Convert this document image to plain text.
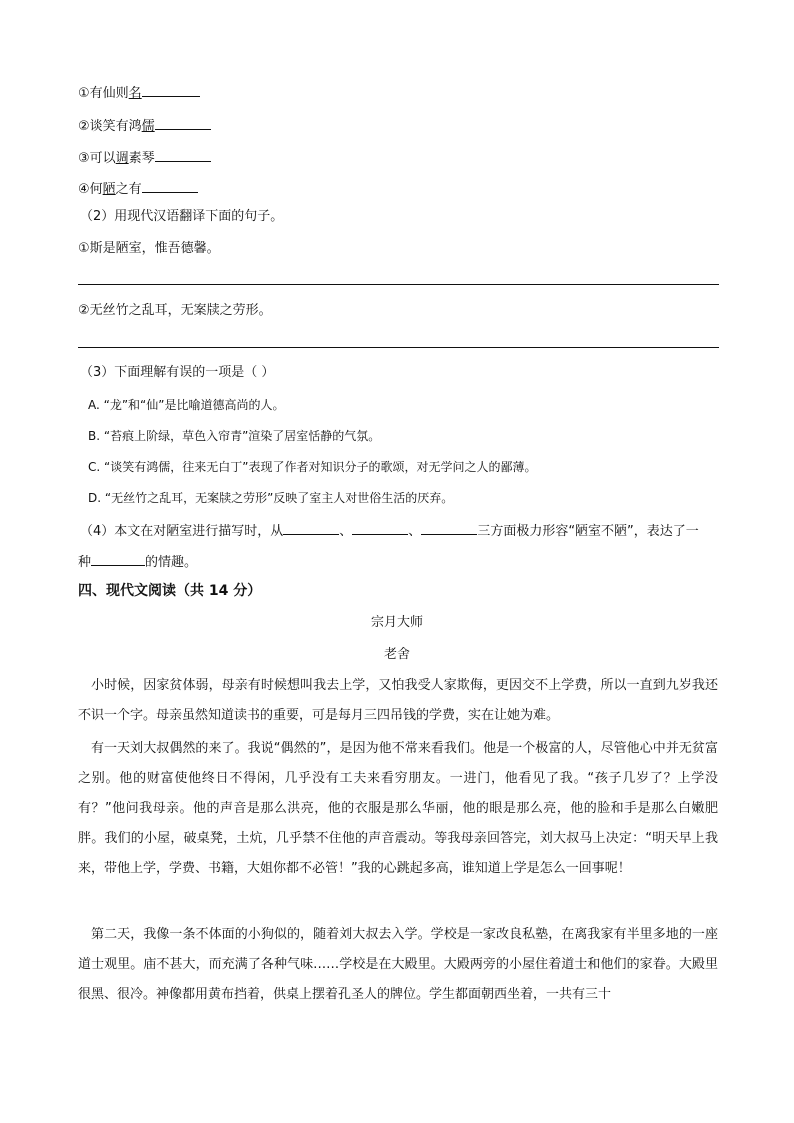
①有仙则名
②谈笑有鸿儒
③可以调素琴
④何陋之有
（2）用现代汉语翻译下面的句子。
①斯是陋室，惟吾德馨。
②无丝竹之乱耳，无案牍之劳形。
（3）下面理解有误的一项是（ ）
A. “龙”和“仙”是比喻道德高尚的人。
B. “苔痕上阶绿，草色入帘青”渲染了居室恬静的气氛。
C. “谈笑有鸿儒，往来无白丁”表现了作者对知识分子的歌颂，对无学问之人的鄙薄。
D. “无丝竹之乱耳，无案牍之劳形”反映了室主人对世俗生活的厌弃。
（4）本文在对陋室进行描写时，从	、	、	三方面极力形容“陋室不陋”，表达了一
种	的情趣。
四、现代文阅读（共 14 分）
宗月大师
老舍
小时候，因家贫体弱，母亲有时候想叫我去上学，又怕我受人家欺侮，更因交不上学费，所以一直到九岁我还不识一个字。母亲虽然知道读书的重要，可是每月三四吊钱的学费，实在让她为难。
有一天刘大叔偶然的来了。我说“偶然的”，是因为他不常来看我们。他是一个极富的人，尽管他心中并无贫富之别。他的财富使他终日不得闲，几乎没有工夫来看穷朋友。一进门，他看见了我。“孩子几岁了？上学没有？”他问我母亲。他的声音是那么洪亮，他的衣服是那么华丽，他的眼是那么亮，他的脸和手是那么白嫩肥胖。我们的小屋，破桌凳，土炕，几乎禁不住他的声音震动。等我母亲回答完，刘大叔马上决定：“明天早上我来，带他上学，学费、书籍，大姐你都不必管！”我的心跳起多高，谁知道上学是怎么一回事呢！
第二天，我像一条不体面的小狗似的，随着刘大叔去入学。学校是一家改良私塾，在离我家有半里多地的一座道士观里。庙不甚大，而充满了各种气味……学校是在大殿里。大殿两旁的小屋住着道士和他们的家眷。大殿里很黑、很冷。神像都用黄布挡着，供桌上摆着孔圣人的牌位。学生都面朝西坐着，一共有三十
